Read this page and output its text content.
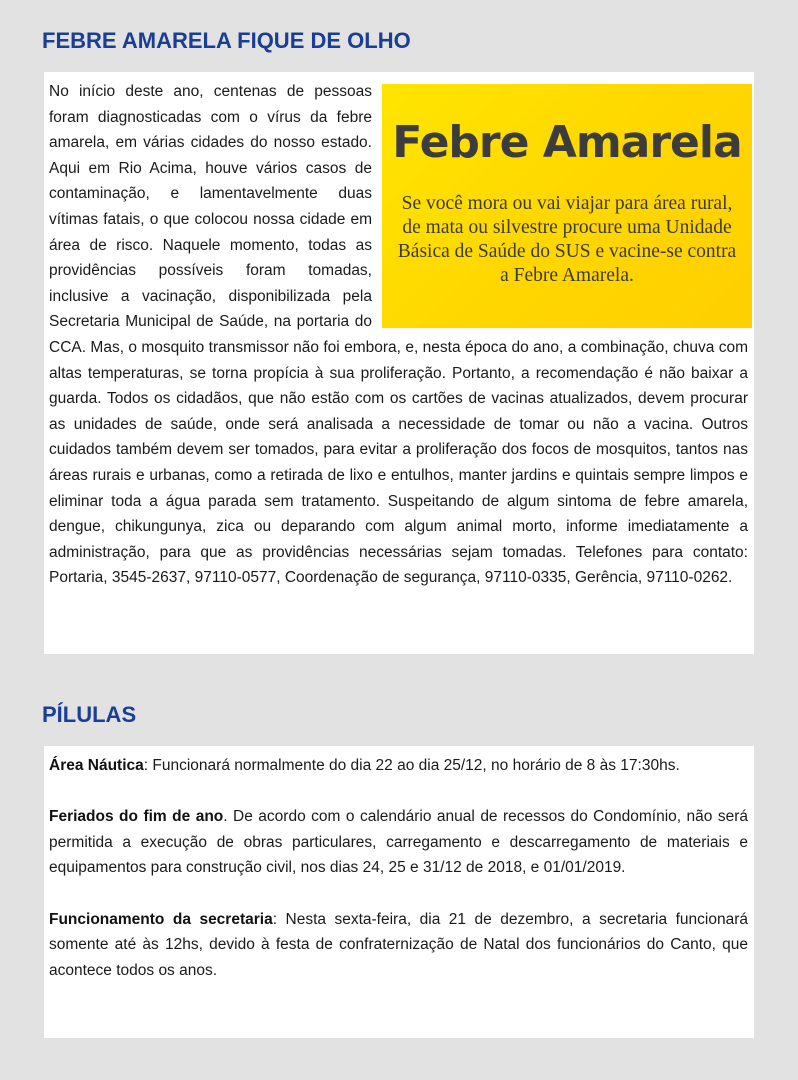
FEBRE AMARELA FIQUE DE OLHO
Febre Amarela
Se você mora ou vai viajar para área rural, de mata ou silvestre procure uma Unidade Básica de Saúde do SUS e vacine-se contra a Febre Amarela.

No início deste ano, centenas de pessoas foram diagnosticadas com o vírus da febre amarela, em várias cidades do nosso estado. Aqui em Rio Acima, houve vários casos de contaminação, e lamentavelmente duas vítimas fatais, o que colocou nossa cidade em área de risco. Naquele momento, todas as providências possíveis foram tomadas, inclusive a vacinação, disponibilizada pela Secretaria Municipal de Saúde, na portaria do CCA. Mas, o mosquito transmissor não foi embora, e, nesta época do ano, a combinação, chuva com altas temperaturas, se torna propícia à sua proliferação. Portanto, a recomendação é não baixar a guarda. Todos os cidadãos, que não estão com os cartões de vacinas atualizados, devem procurar as unidades de saúde, onde será analisada a necessidade de tomar ou não a vacina. Outros cuidados também devem ser tomados, para evitar a proliferação dos focos de mosquitos, tantos nas áreas rurais e urbanas, como a retirada de lixo e entulhos, manter jardins e quintais sempre limpos e eliminar toda a água parada sem tratamento. Suspeitando de algum sintoma de febre amarela, dengue, chikungunya, zica ou deparando com algum animal morto, informe imediatamente a administração, para que as providências necessárias sejam tomadas. Telefones para contato: Portaria, 3545-2637, 97110-0577, Coordenação de segurança, 97110-0335, Gerência, 97110-0262.

PÍLULAS

Área Náutica: Funcionará normalmente do dia 22 ao dia 25/12, no horário de 8 às 17:30hs.

Feriados do fim de ano. De acordo com o calendário anual de recessos do Condomínio, não será permitida a execução de obras particulares, carregamento e descarregamento de materiais e equipamentos para construção civil, nos dias 24, 25 e 31/12 de 2018, e 01/01/2019.

Funcionamento da secretaria: Nesta sexta-feira, dia 21 de dezembro, a secretaria funcionará somente até às 12hs, devido à festa de confraternização de Natal dos funcionários do Canto, que acontece todos os anos.
